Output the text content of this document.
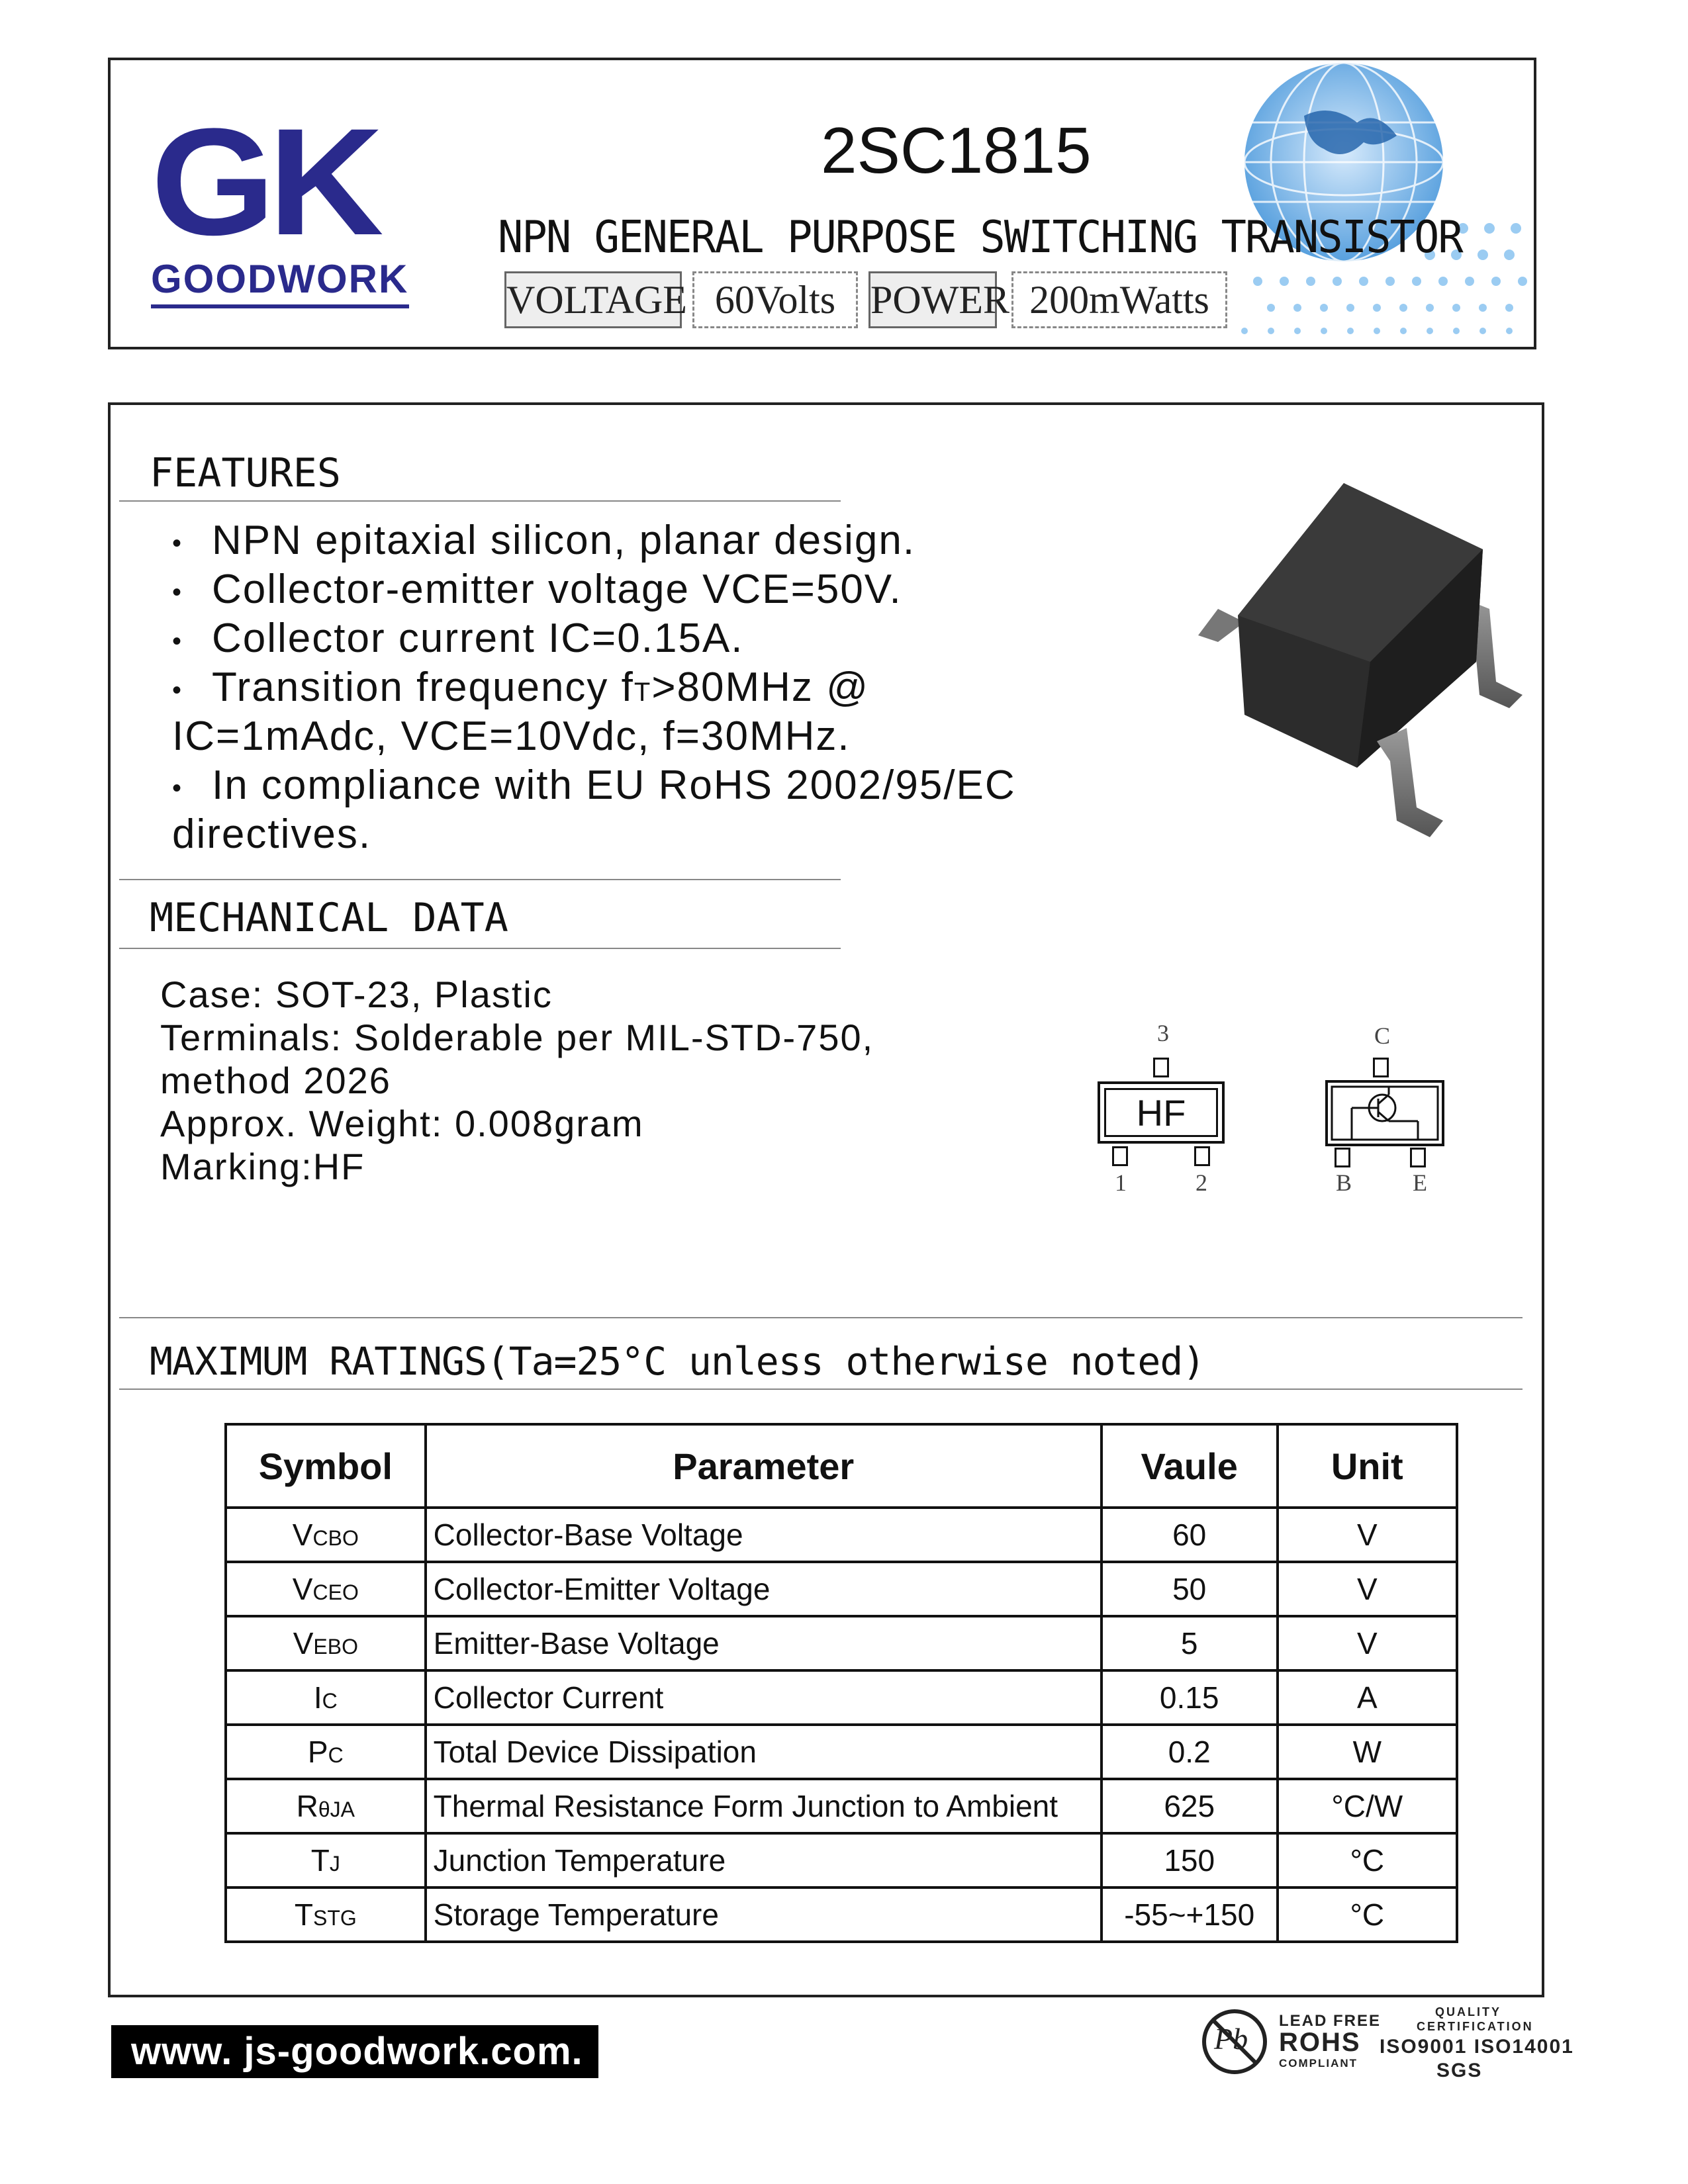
GK
GOODWORK
2SC1815
NPN GENERAL PURPOSE SWITCHING TRANSISTOR
VOLTAGE 60Volts POWER 200mWatts
FEATURES
• NPN epitaxial silicon, planar design.
• Collector-emitter voltage VCE=50V.
• Collector current IC=0.15A.
• Transition frequency fT>80MHz @
IC=1mAdc, VCE=10Vdc, f=30MHz.
• In compliance with EU RoHS 2002/95/EC
directives.
MECHANICAL DATA
Case: SOT-23, Plastic
Terminals: Solderable per MIL-STD-750,
method 2026
Approx. Weight: 0.008gram
Marking:HF
3
HF
1	2
C
B	E
MAXIMUM RATINGS(Ta=25°C unless otherwise noted)
Symbol	Parameter	Vaule	Unit
VCBO	Collector-Base Voltage	60	V
VCEO	Collector-Emitter Voltage	50	V
VEBO	Emitter-Base Voltage	5	V
IC	Collector Current	0.15	A
PC	Total Device Dissipation	0.2	W
RθJA	Thermal Resistance Form Junction to Ambient	625	°C/W
TJ	Junction Temperature	150	°C
TSTG	Storage Temperature	-55~+150	°C
www. js-goodwork.com.	Pb
LEAD FREE
ROHS
COMPLIANT
QUALITY
CERTIFICATION
ISO9001 ISO14001
SGS
